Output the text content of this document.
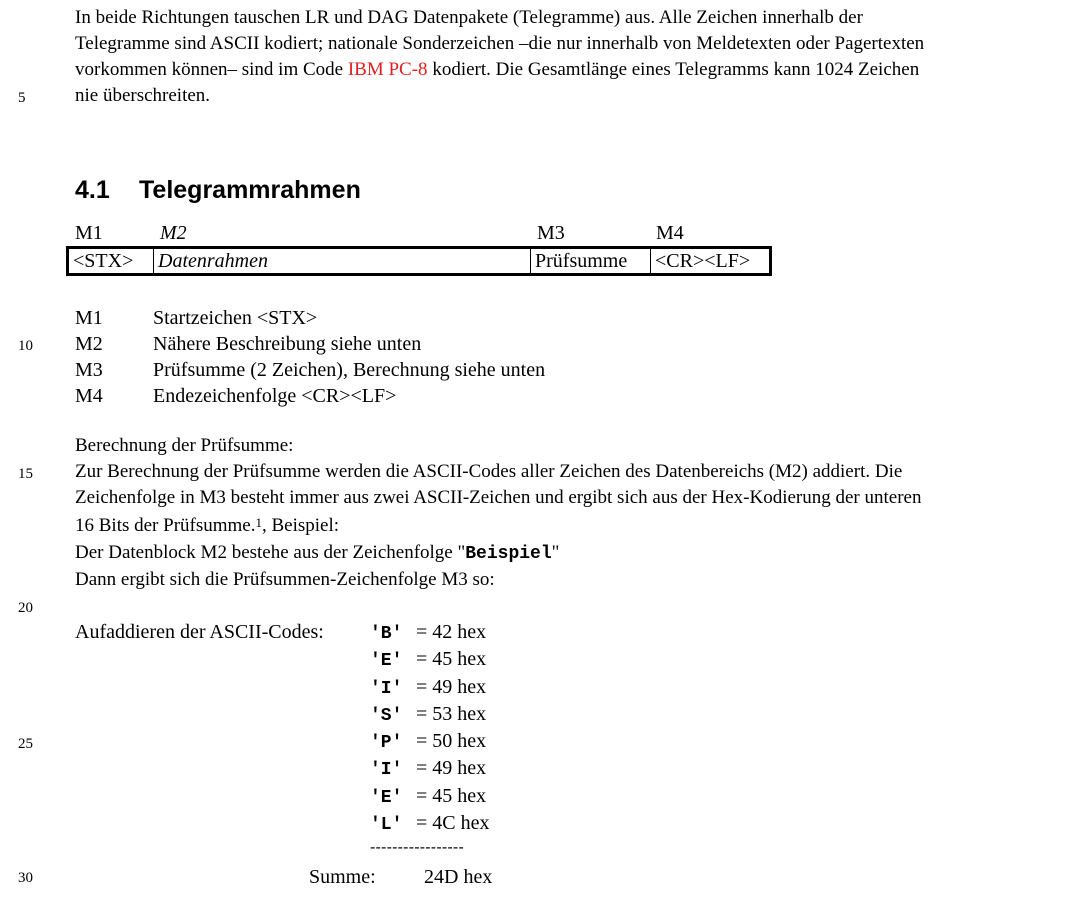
5
10
15
20
25
30
In beide Richtungen tauschen LR und DAG Datenpakete (Telegramme) aus. Alle Zeichen innerhalb der
Telegramme sind ASCII kodiert; nationale Sonderzeichen –die nur innerhalb von Meldetexten oder Pagertexten
vorkommen können– sind im Code IBM PC-8 kodiert. Die Gesamtlänge eines Telegramms kann 1024 Zeichen
nie überschreiten.
4.1 Telegrammrahmen
M1	M2	M3	M4
<STX>	Datenrahmen	Prüfsumme	<CR><LF>
M1	Startzeichen <STX>
M2	Nähere Beschreibung siehe unten
M3	Prüfsumme (2 Zeichen), Berechnung siehe unten
M4	Endezeichenfolge <CR><LF>
Berechnung der Prüfsumme:
Zur Berechnung der Prüfsumme werden die ASCII-Codes aller Zeichen des Datenbereichs (M2) addiert. Die
Zeichenfolge in M3 besteht immer aus zwei ASCII-Zeichen und ergibt sich aus der Hex-Kodierung der unteren
16 Bits der Prüfsumme.$^1$, Beispiel:
Der Datenblock M2 bestehe aus der Zeichenfolge "Beispiel"
Dann ergibt sich die Prüfsummen-Zeichenfolge M3 so:
Aufaddieren der ASCII-Codes:	'B' = 42 hex
'E' = 45 hex
'I' = 49 hex
'S' = 53 hex
'P' = 50 hex
'I' = 49 hex
'E' = 45 hex
'L' = 4C hex
-----------------
Summe: 24D hex
